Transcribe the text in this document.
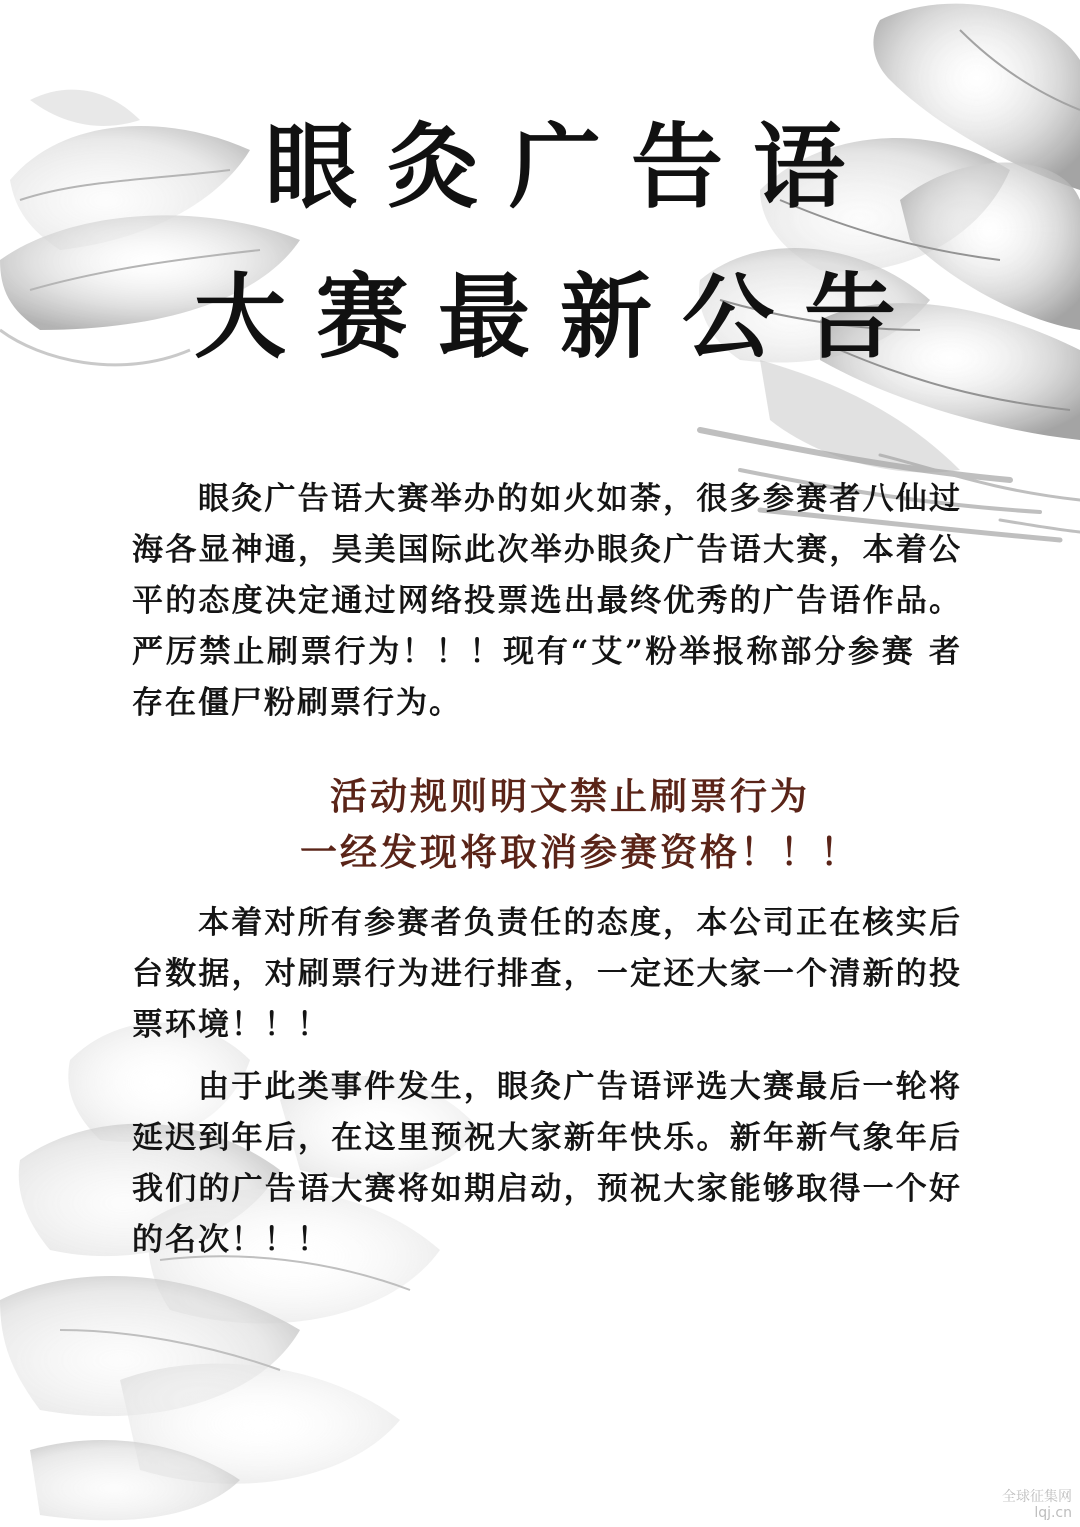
眼灸广告语
大赛最新公告

眼灸广告语大赛举办的如火如荼，很多参赛者八仙过海各显神通，昊美国际此次举办眼灸广告语大赛，本着公平的态度决定通过网络投票选出最终优秀的广告语作品。严厉禁止刷票行为！！！现有“艾”粉举报称部分参赛 者存在僵尸粉刷票行为。

活动规则明文禁止刷票行为
一经发现将取消参赛资格！！！

本着对所有参赛者负责任的态度，本公司正在核实后台数据，对刷票行为进行排查，一定还大家一个清新的投票环境！！！

由于此类事件发生，眼灸广告语评选大赛最后一轮将延迟到年后，在这里预祝大家新年快乐。新年新气象年后 我们的广告语大赛将如期启动，预祝大家能够取得一个好的名次！！！

全球征集网
lqj.cn
